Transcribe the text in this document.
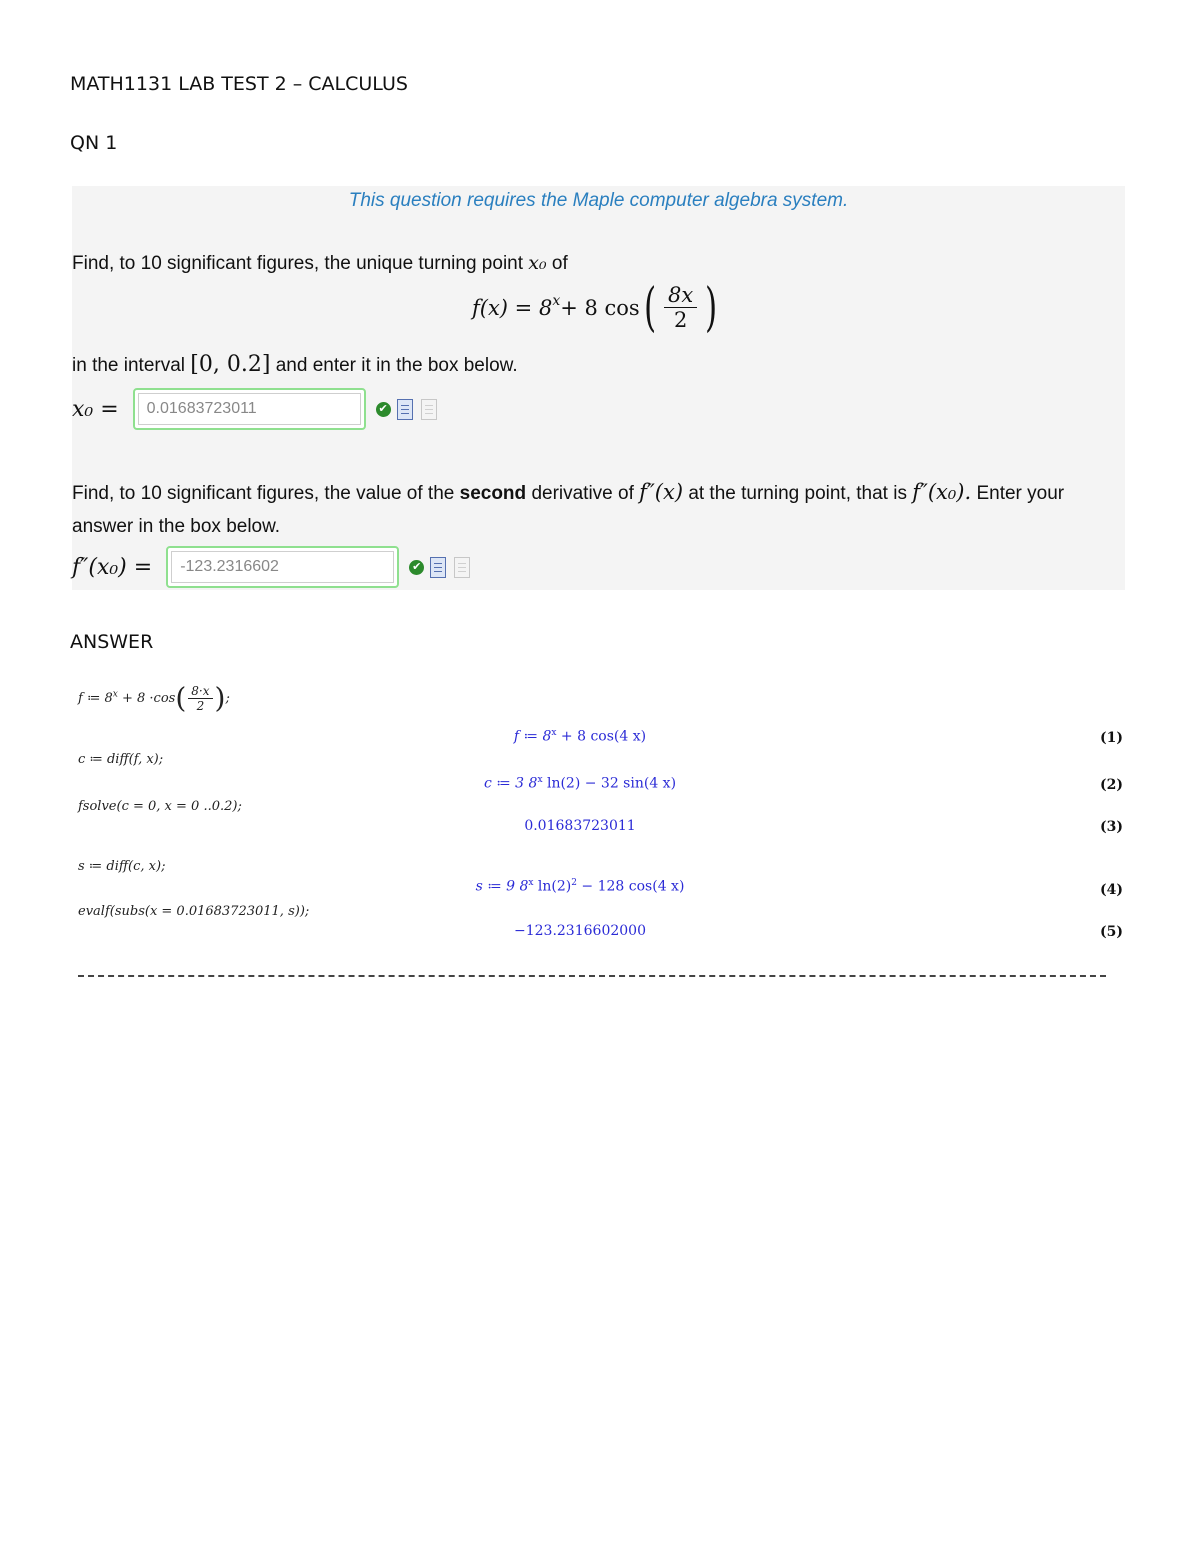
MATH1131 LAB TEST 2 – CALCULUS
QN 1
This question requires the Maple computer algebra system.
Find, to 10 significant figures, the unique turning point x₀ of
$f(x) = 8^x + 8$ cos ( $\frac{8x}{2}$ )
in the interval [0, 0.2] and enter it in the box below.
x₀ =
0.01683723011	✔
Find, to 10 significant figures, the value of the second derivative of f″(x) at the turning point, that is f″(x₀). Enter your answer in the box below.
f″(x₀) =
-123.2316602	✔
ANSWER
f ≔ $8^x + 8 \cdot\cos( \frac{8\cdot x}{2}$ );
f ≔ $8^x + 8$ cos(4 x)	(1)
c ≔ diff(f, x);
c ≔ 3 8$^x$ ln(2) − 32 sin(4 x)	(2)
fsolve(c = 0, x = 0 ..0.2);
0.01683723011	(3)
s ≔ diff(c, x);
s ≔ 9 8$^x$ $\ln(2)^2 - 128$ cos(4 x)	(4)
evalf(subs(x = 0.01683723011, s));
−123.2316602000	(5)
